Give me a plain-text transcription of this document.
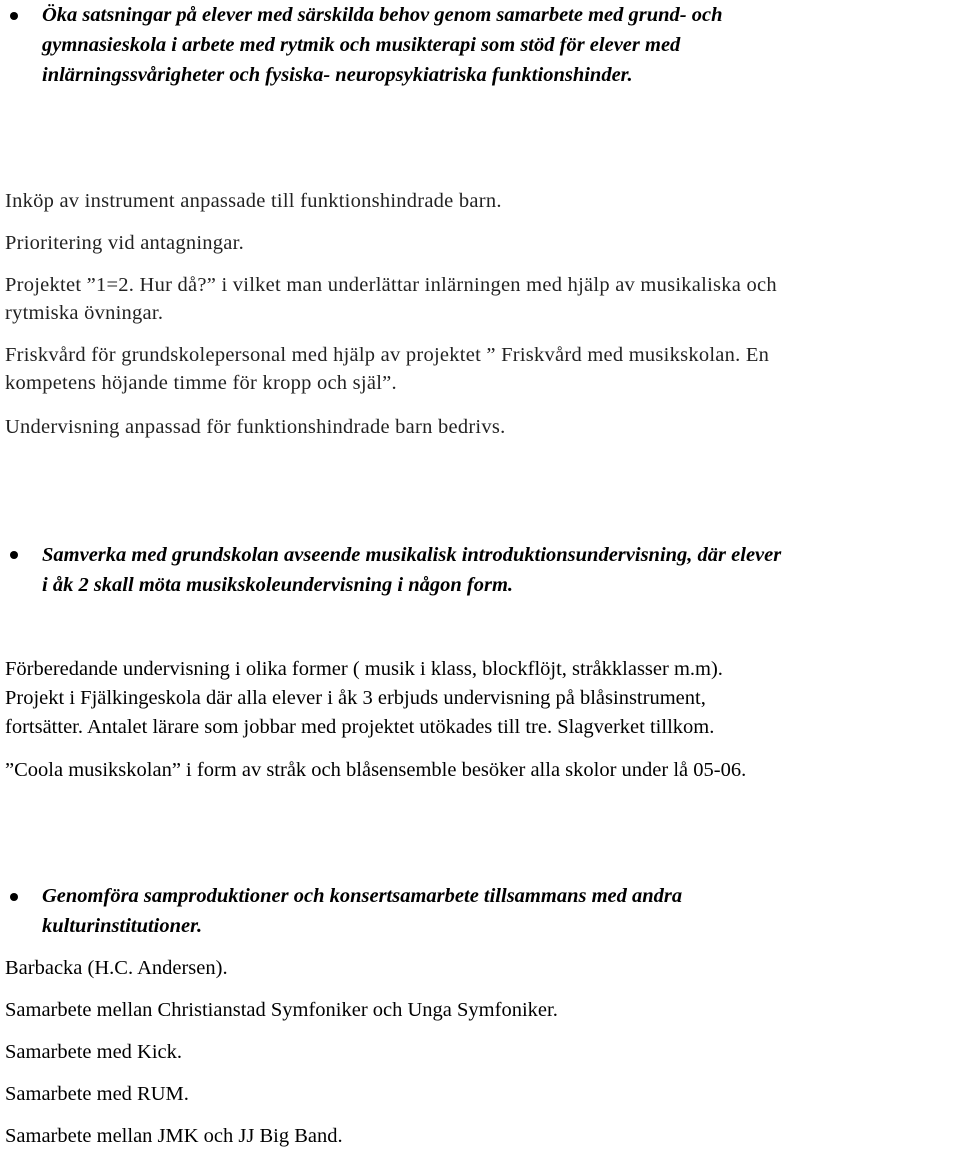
Öka satsningar på elever med särskilda behov genom samarbete med grund- och
gymnasieskola i arbete med rytmik och musikterapi som stöd för elever med
inlärningssvårigheter och fysiska- neuropsykiatriska funktionshinder.
Inköp av instrument anpassade till funktionshindrade barn.
Prioritering vid antagningar.
Projektet ”1=2. Hur då?” i vilket man underlättar inlärningen med hjälp av musikaliska och
rytmiska övningar.
Friskvård för grundskolepersonal med hjälp av projektet ” Friskvård med musikskolan. En
kompetens höjande timme för kropp och själ”.
Undervisning anpassad för funktionshindrade barn bedrivs.
Samverka med grundskolan avseende musikalisk introduktionsundervisning, där elever
i åk 2 skall möta musikskoleundervisning i någon form.
Förberedande undervisning i olika former ( musik i klass, blockflöjt, stråkklasser m.m).
Projekt i Fjälkingeskola där alla elever i åk 3 erbjuds undervisning på blåsinstrument,
fortsätter. Antalet lärare som jobbar med projektet utökades till tre. Slagverket tillkom.
”Coola musikskolan” i form av stråk och blåsensemble besöker alla skolor under lå 05-06.
Genomföra samproduktioner och konsertsamarbete tillsammans med andra
kulturinstitutioner.
Barbacka (H.C. Andersen).
Samarbete mellan Christianstad Symfoniker och Unga Symfoniker.
Samarbete med Kick.
Samarbete med RUM.
Samarbete mellan JMK och JJ Big Band.
